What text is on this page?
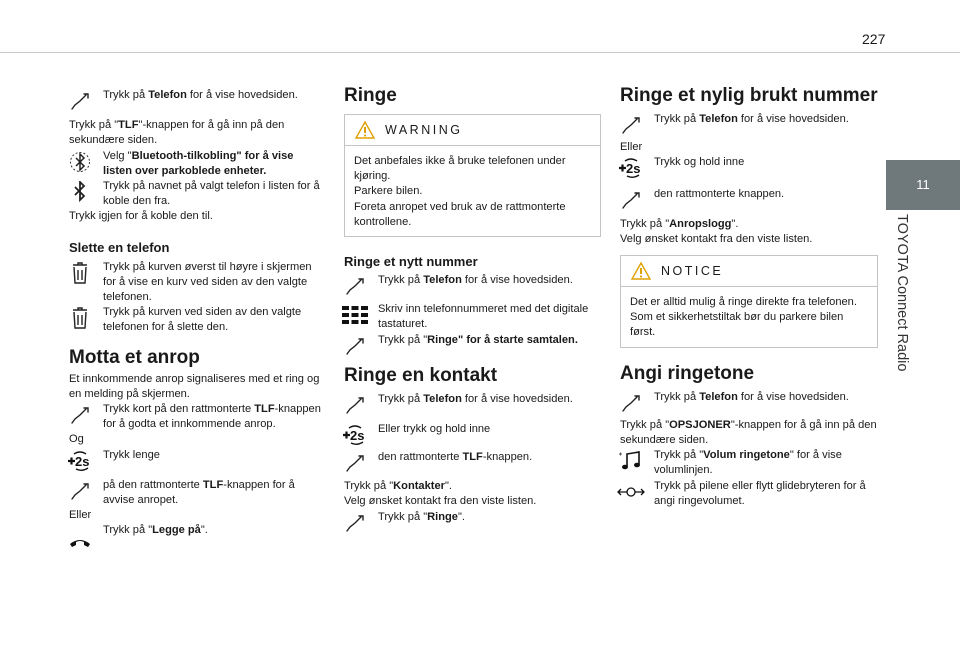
227
11
TOYOTA Connect Radio
Trykk på Telefon for å vise hovedsiden.

Trykk på "TLF"-knappen for å gå inn på den sekundære siden.

Velg "Bluetooth-tilkobling" for å vise listen over parkoblede enheter.
Trykk på navnet på valgt telefon i listen for å koble den fra.

Trykk igjen for å koble den til.

Slette en telefon
Trykk på kurven øverst til høyre i skjermen for å vise en kurv ved siden av den valgte telefonen.
Trykk på kurven ved siden av den valgte telefonen for å slette den.
Motta et anrop

Et innkommende anrop signaliseres med et ring og en melding på skjermen.

Trykk kort på den rattmonterte TLF-knappen for å godta et innkommende anrop.

Og

Trykk lenge
på den rattmonterte TLF-knappen for å avvise anropet.

Eller

Trykk på "Legge på".
Ringe
WARNING
Det anbefales ikke å bruke telefonen under kjøring.
Parkere bilen.
Foreta anropet ved bruk av de rattmonterte kontrollene.
Ringe et nytt nummer
Trykk på Telefon for å vise hovedsiden.
Skriv inn telefonnummeret med det digitale tastaturet.
Trykk på "Ringe" for å starte samtalen.
Ringe en kontakt
Trykk på Telefon for å vise hovedsiden.
Eller trykk og hold inne
den rattmonterte TLF-knappen.

Trykk på "Kontakter".

Velg ønsket kontakt fra den viste listen.

Trykk på "Ringe".
Ringe et nylig brukt nummer
Trykk på Telefon for å vise hovedsiden.

Eller

Trykk og hold inne
den rattmonterte knappen.

Trykk på "Anropslogg".

Velg ønsket kontakt fra den viste listen.

NOTICE
Det er alltid mulig å ringe direkte fra telefonen. Som et sikkerhetstiltak bør du parkere bilen først.
Angi ringetone
Trykk på Telefon for å vise hovedsiden.

Trykk på "OPSJONER"-knappen for å gå inn på den sekundære siden.

Trykk på "Volum ringetone" for å vise volumlinjen.
Trykk på pilene eller flytt glidebryteren for å angi ringevolumet.
